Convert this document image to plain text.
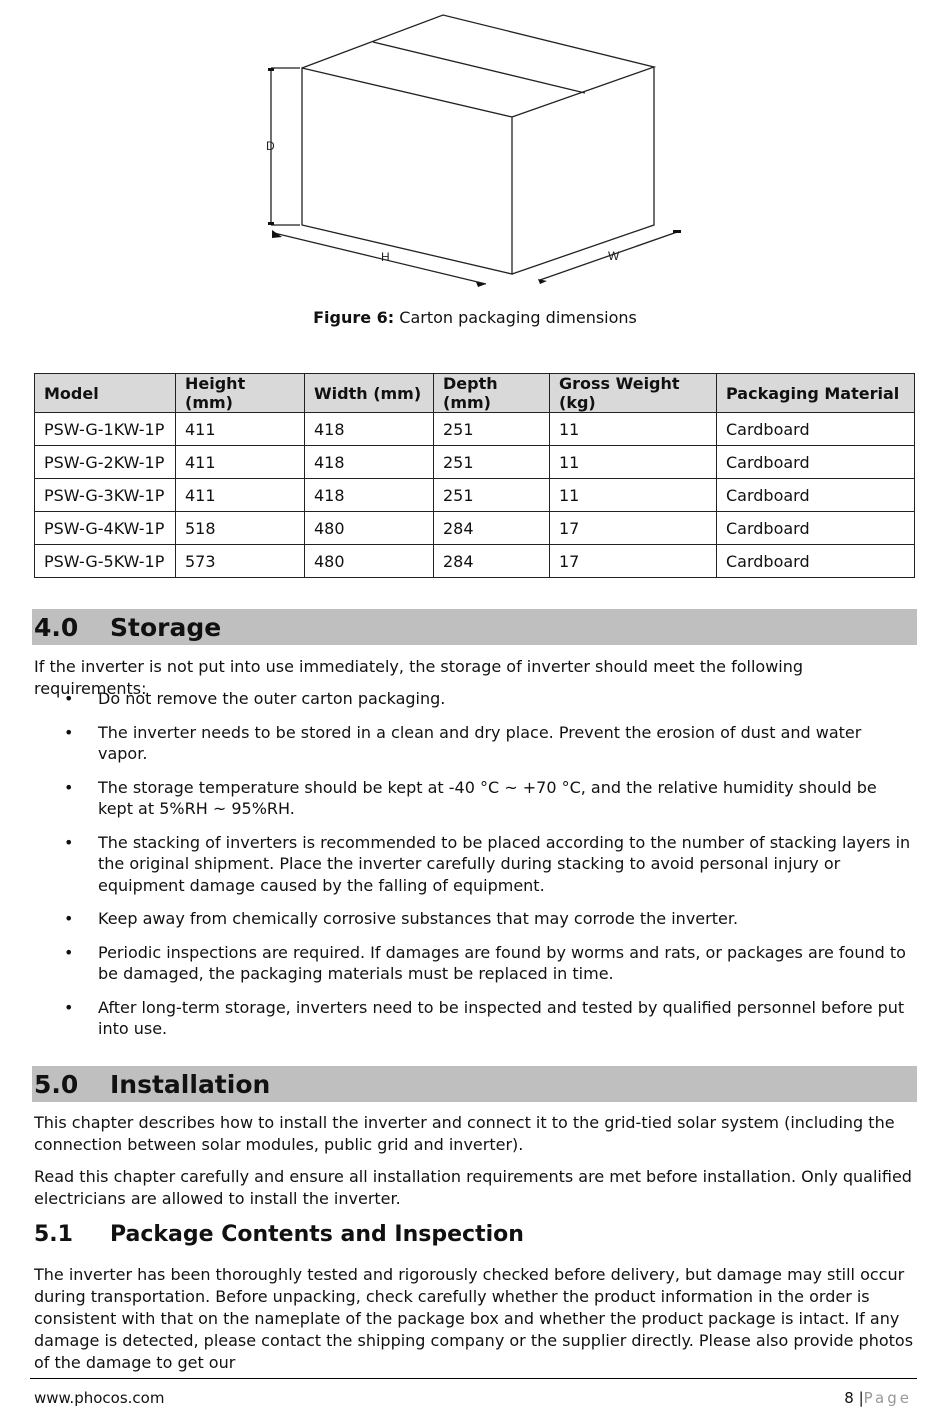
D
H	W
Figure 6: Carton packaging dimensions
Model	Height (mm)	Width (mm)	Depth (mm)	Gross Weight (kg)	Packaging Material
PSW-G-1KW-1P	411	418	251	11	Cardboard
PSW-G-2KW-1P	411	418	251	11	Cardboard
PSW-G-3KW-1P	411	418	251	11	Cardboard
PSW-G-4KW-1P	518	480	284	17	Cardboard
PSW-G-5KW-1P	573	480	284	17	Cardboard
4.0 Storage
If the inverter is not put into use immediately, the storage of inverter should meet the following requirements:
• Do not remove the outer carton packaging.
• The inverter needs to be stored in a clean and dry place. Prevent the erosion of dust and water vapor.
• The storage temperature should be kept at -40 °C ~ +70 °C, and the relative humidity should be kept at 5%RH ~ 95%RH.
• The stacking of inverters is recommended to be placed according to the number of stacking layers in the original shipment. Place the inverter carefully during stacking to avoid personal injury or equipment damage caused by the falling of equipment.
• Keep away from chemically corrosive substances that may corrode the inverter.
• Periodic inspections are required. If damages are found by worms and rats, or packages are found to be damaged, the packaging materials must be replaced in time.
• After long-term storage, inverters need to be inspected and tested by qualified personnel before put into use.
5.0 Installation
This chapter describes how to install the inverter and connect it to the grid-tied solar system (including the connection between solar modules, public grid and inverter).
Read this chapter carefully and ensure all installation requirements are met before installation. Only qualified electricians are allowed to install the inverter.
5.1 Package Contents and Inspection
The inverter has been thoroughly tested and rigorously checked before delivery, but damage may still occur during transportation. Before unpacking, check carefully whether the product information in the order is consistent with that on the nameplate of the package box and whether the product package is intact. If any damage is detected, please contact the shipping company or the supplier directly. Please also provide photos of the damage to get our
www.phocos.com	8 |Page
